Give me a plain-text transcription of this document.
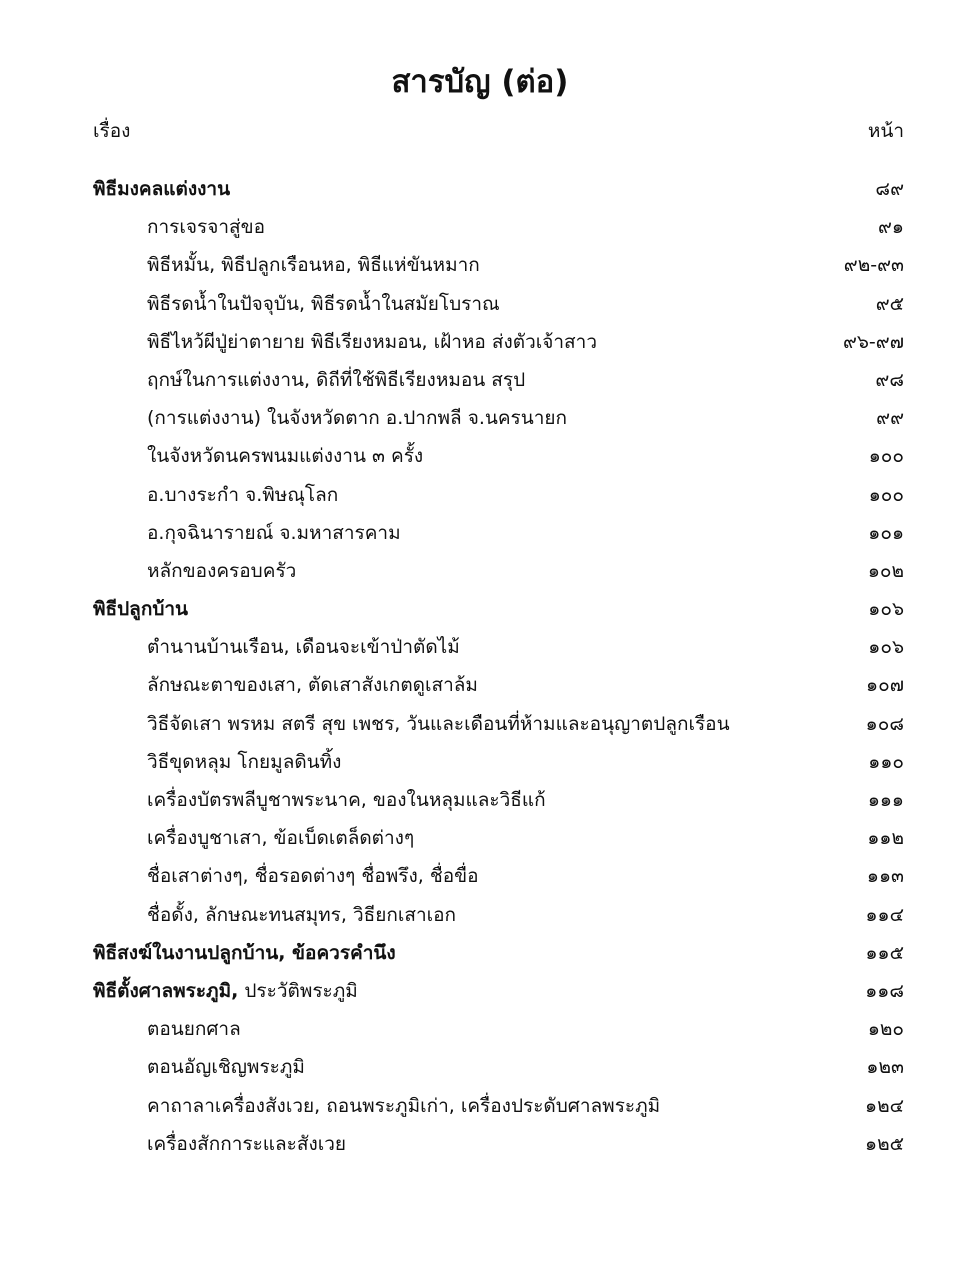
สารบัญ (ต่อ)
เรื่อง	หน้า
พิธีมงคลแต่งงาน	๘๙
การเจรจาสู่ขอ	๙๑
พิธีหมั้น, พิธีปลูกเรือนหอ, พิธีแห่ขันหมาก	๙๒-๙๓
พิธีรดน้ำในปัจจุบัน, พิธีรดน้ำในสมัยโบราณ	๙๕
พิธีไหว้ผีปู่ย่าตายาย พิธีเรียงหมอน, เฝ้าหอ ส่งตัวเจ้าสาว	๙๖-๙๗
ฤกษ์ในการแต่งงาน, ดิถีที่ใช้พิธีเรียงหมอน สรุป	๙๘
(การแต่งงาน) ในจังหวัดตาก อ.ปากพลี จ.นครนายก	๙๙
ในจังหวัดนครพนมแต่งงาน ๓ ครั้ง	๑๐๐
อ.บางระกำ จ.พิษณุโลก	๑๐๐
อ.กุจฉินารายณ์ จ.มหาสารคาม	๑๐๑
หลักของครอบครัว	๑๐๒
พิธีปลูกบ้าน	๑๐๖
ตำนานบ้านเรือน, เดือนจะเข้าป่าตัดไม้	๑๐๖
ลักษณะตาของเสา, ตัดเสาสังเกตดูเสาล้ม	๑๐๗
วิธีจัดเสา พรหม สตรี สุข เพชร, วันและเดือนที่ห้ามและอนุญาตปลูกเรือน	๑๐๘
วิธีขุดหลุม โกยมูลดินทิ้ง	๑๑๐
เครื่องบัตรพลีบูชาพระนาค, ของในหลุมและวิธีแก้	๑๑๑
เครื่องบูชาเสา, ข้อเบ็ดเตล็ดต่างๆ	๑๑๒
ชื่อเสาต่างๆ, ชื่อรอดต่างๆ ชื่อพรึง, ชื่อขื่อ	๑๑๓
ชื่อดั้ง, ลักษณะทนสมุทร, วิธียกเสาเอก	๑๑๔
พิธีสงฆ์ในงานปลูกบ้าน, ข้อควรคำนึง	๑๑๕
พิธีตั้งศาลพระภูมิ, ประวัติพระภูมิ	๑๑๘
ตอนยกศาล	๑๒๐
ตอนอัญเชิญพระภูมิ	๑๒๓
คาถาลาเครื่องสังเวย, ถอนพระภูมิเก่า, เครื่องประดับศาลพระภูมิ	๑๒๔
เครื่องสักการะและสังเวย	๑๒๕
